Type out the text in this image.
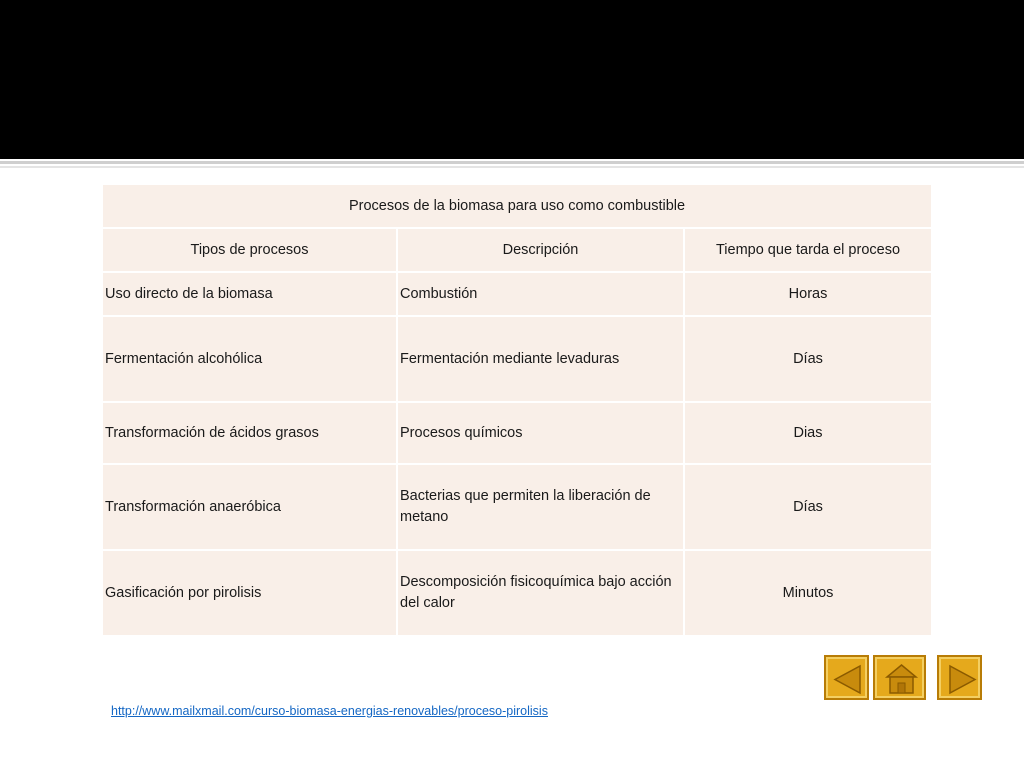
Procesos de la biomasa para uso como combustible		
Tipos de procesos	Descripción	Tiempo que tarda el proceso
Uso directo de la biomasa	Combustión	Horas
Fermentación alcohólica	Fermentación mediante levaduras	Días
Transformación de ácidos grasos	Procesos químicos	Dias
Transformación anaeróbica	Bacterias que permiten la liberación de metano	Días
Gasificación por pirolisis	Descomposición fisicoquímica bajo acción del calor	Minutos
http://www.mailxmail.com/curso-biomasa-energias-renovables/proceso-pirolisis
